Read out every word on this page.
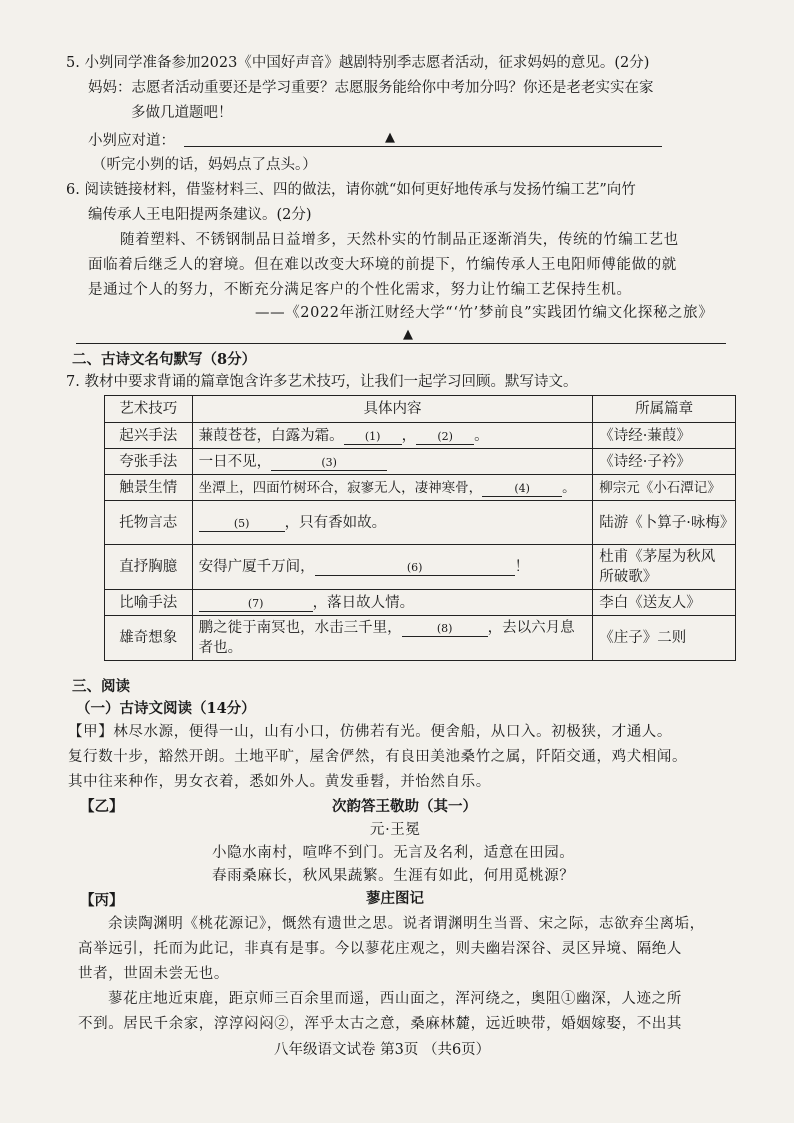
5. 小刿同学准备参加2023《中国好声音》越剧特别季志愿者活动，征求妈妈的意见。(2分)
妈妈：志愿者活动重要还是学习重要？志愿服务能给你中考加分吗？你还是老老实实在家
多做几道题吧！
小刿应对道：	▲
（听完小刿的话，妈妈点了点头。）
6. 阅读链接材料，借鉴材料三、四的做法，请你就“如何更好地传承与发扬竹编工艺”向竹
编传承人王电阳提两条建议。(2分)
随着塑料、不锈钢制品日益增多，天然朴实的竹制品正逐渐消失，传统的竹编工艺也
面临着后继乏人的窘境。但在难以改变大环境的前提下，竹编传承人王电阳师傅能做的就
是通过个人的努力，不断充分满足客户的个性化需求，努力让竹编工艺保持生机。
——《2022年浙江财经大学“‘竹’梦前良”实践团竹编文化探秘之旅》
▲
二、古诗文名句默写（8分）
7. 教材中要求背诵的篇章饱含许多艺术技巧，让我们一起学习回顾。默写诗文。
艺术技巧	具体内容	所属篇章
起兴手法	蒹葭苍苍，白露为霜。 (1) ， (2) 。	《诗经·蒹葭》
夸张手法	一日不见， (3)	《诗经·子衿》
触景生情	坐潭上，四面竹树环合，寂寥无人，凄神寒骨， (4) 。	柳宗元《小石潭记》
托物言志	(5) ，只有香如故。	陆游《卜算子·咏梅》
直抒胸臆	安得广厦千万间， (6) ！	杜甫《茅屋为秋风所破歌》
比喻手法	(7) ，落日故人情。	李白《送友人》
雄奇想象	鹏之徙于南冥也，水击三千里， (8) ，去以六月息者也。	《庄子》二则
三、阅读
（一）古诗文阅读（14分）
【甲】林尽水源，便得一山，山有小口，仿佛若有光。便舍船，从口入。初极狭，才通人。
复行数十步，豁然开朗。土地平旷，屋舍俨然，有良田美池桑竹之属，阡陌交通，鸡犬相闻。
其中往来种作，男女衣着，悉如外人。黄发垂髫，并怡然自乐。
【乙】	次韵答王敬助（其一）
元·王冕
小隐水南村，喧哗不到门。无言及名利，适意在田园。
春雨桑麻长，秋风果蔬繁。生涯有如此，何用觅桃源？
【丙】	蓼庄图记
余读陶渊明《桃花源记》，慨然有遗世之思。说者谓渊明生当晋、宋之际，志欲弃尘离垢，
高举远引，托而为此记，非真有是事。今以蓼花庄观之，则夫幽岩深谷、灵区异境、隔绝人
世者，世固未尝无也。
蓼花庄地近束鹿，距京师三百余里而遥，西山面之，浑河绕之，奥阻①幽深，人迹之所
不到。居民千余家，淳淳闷闷②，浑乎太古之意，桑麻林麓，远近映带，婚姻嫁娶，不出其
八年级语文试卷 第3页 （共6页）
